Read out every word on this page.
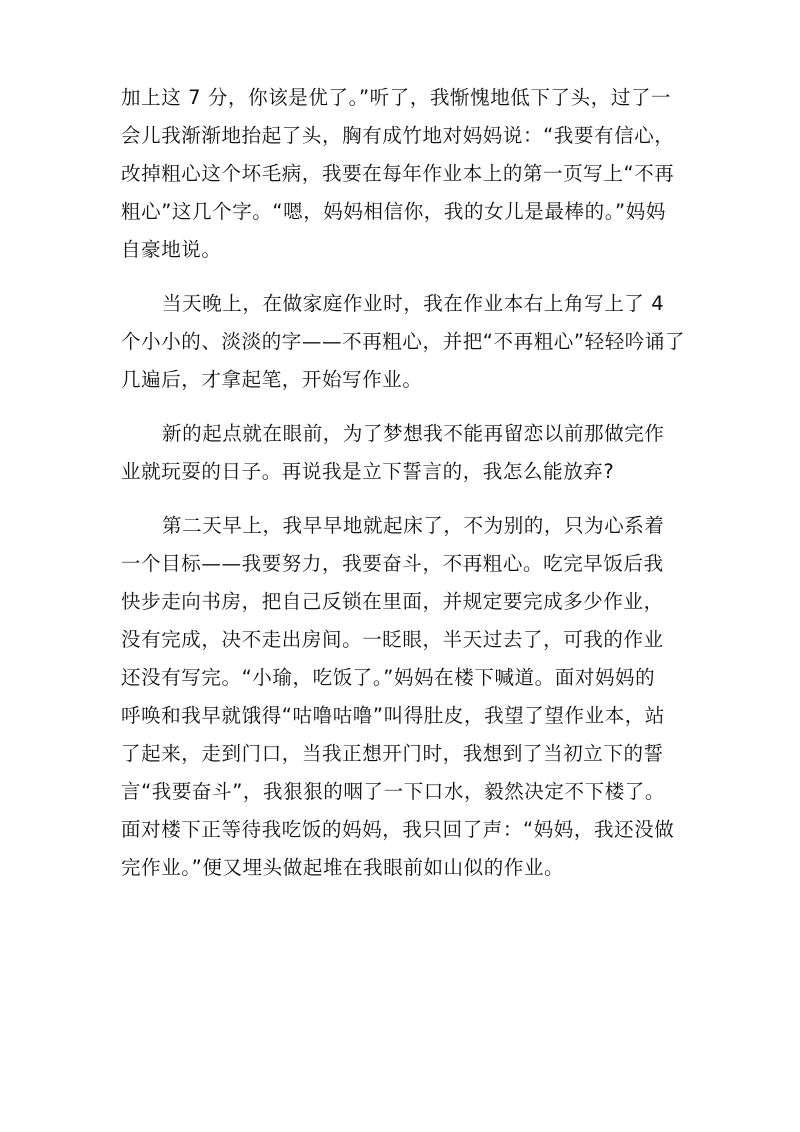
加上这 7 分，你该是优了。”听了，我惭愧地低下了头，过了一
会儿我渐渐地抬起了头，胸有成竹地对妈妈说：“我要有信心，
改掉粗心这个坏毛病，我要在每年作业本上的第一页写上“不再
粗心”这几个字。“嗯，妈妈相信你，我的女儿是最棒的。”妈妈
自豪地说。
当天晚上，在做家庭作业时，我在作业本右上角写上了 4
个小小的、淡淡的字——不再粗心，并把“不再粗心”轻轻吟诵了
几遍后，才拿起笔，开始写作业。
新的起点就在眼前，为了梦想我不能再留恋以前那做完作
业就玩耍的日子。再说我是立下誓言的，我怎么能放弃?
第二天早上，我早早地就起床了，不为别的，只为心系着
一个目标——我要努力，我要奋斗，不再粗心。吃完早饭后我
快步走向书房，把自己反锁在里面，并规定要完成多少作业，
没有完成，决不走出房间。一眨眼，半天过去了，可我的作业
还没有写完。“小瑜，吃饭了。”妈妈在楼下喊道。面对妈妈的
呼唤和我早就饿得“咕噜咕噜”叫得肚皮，我望了望作业本，站
了起来，走到门口，当我正想开门时，我想到了当初立下的誓
言“我要奋斗”，我狠狠的咽了一下口水，毅然决定不下楼了。
面对楼下正等待我吃饭的妈妈，我只回了声：“妈妈，我还没做
完作业。”便又埋头做起堆在我眼前如山似的作业。
